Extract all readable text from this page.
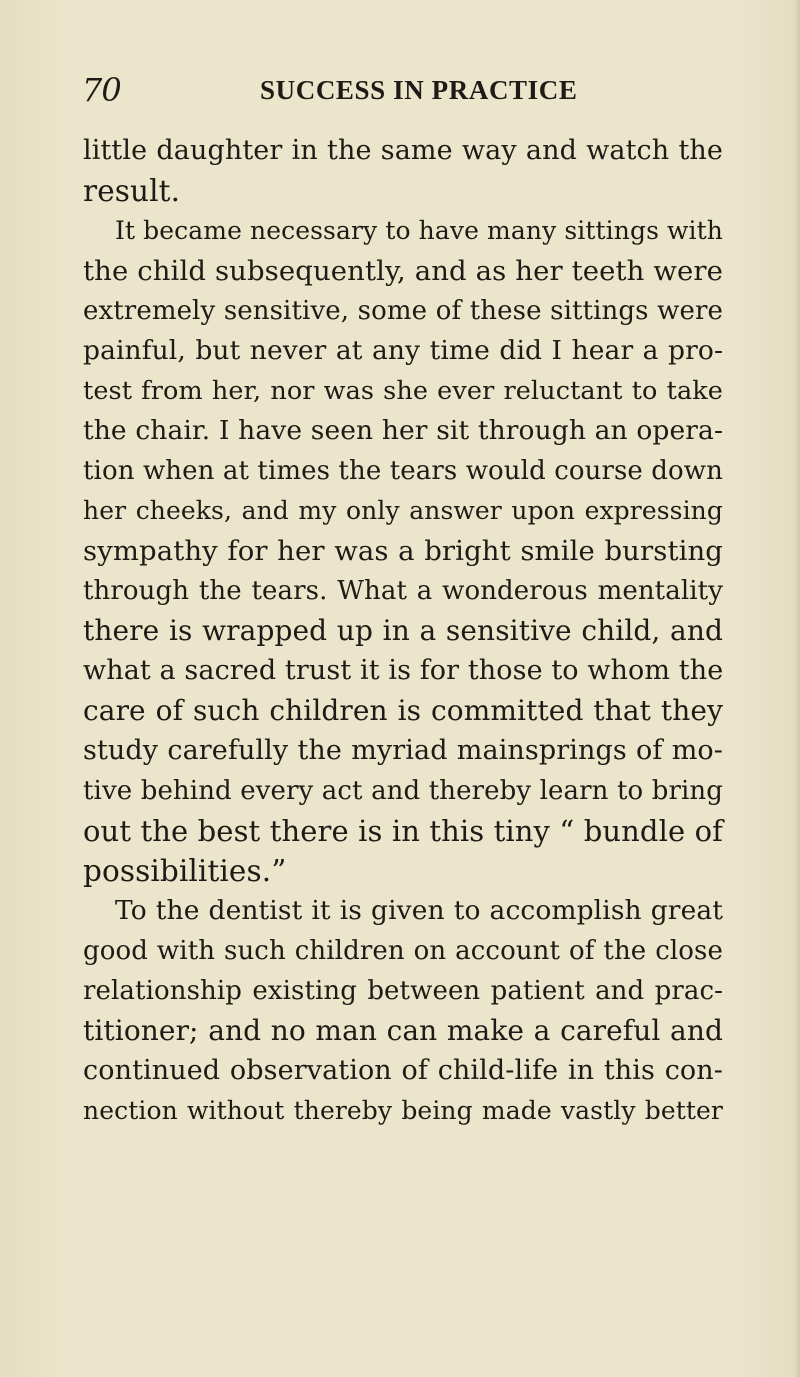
70	SUCCESS IN PRACTICE
little daughter in the same way and watch the
result.
It became necessary to have many sittings with
the child subsequently, and as her teeth were
extremely sensitive, some of these sittings were
painful, but never at any time did I hear a pro-
test from her, nor was she ever reluctant to take
the chair. I have seen her sit through an opera-
tion when at times the tears would course down
her cheeks, and my only answer upon expressing
sympathy for her was a bright smile bursting
through the tears. What a wonderous mentality
there is wrapped up in a sensitive child, and
what a sacred trust it is for those to whom the
care of such children is committed that they
study carefully the myriad mainsprings of mo-
tive behind every act and thereby learn to bring
out the best there is in this tiny “ bundle of
possibilities.”
To the dentist it is given to accomplish great
good with such children on account of the close
relationship existing between patient and prac-
titioner; and no man can make a careful and
continued observation of child-life in this con-
nection without thereby being made vastly better
